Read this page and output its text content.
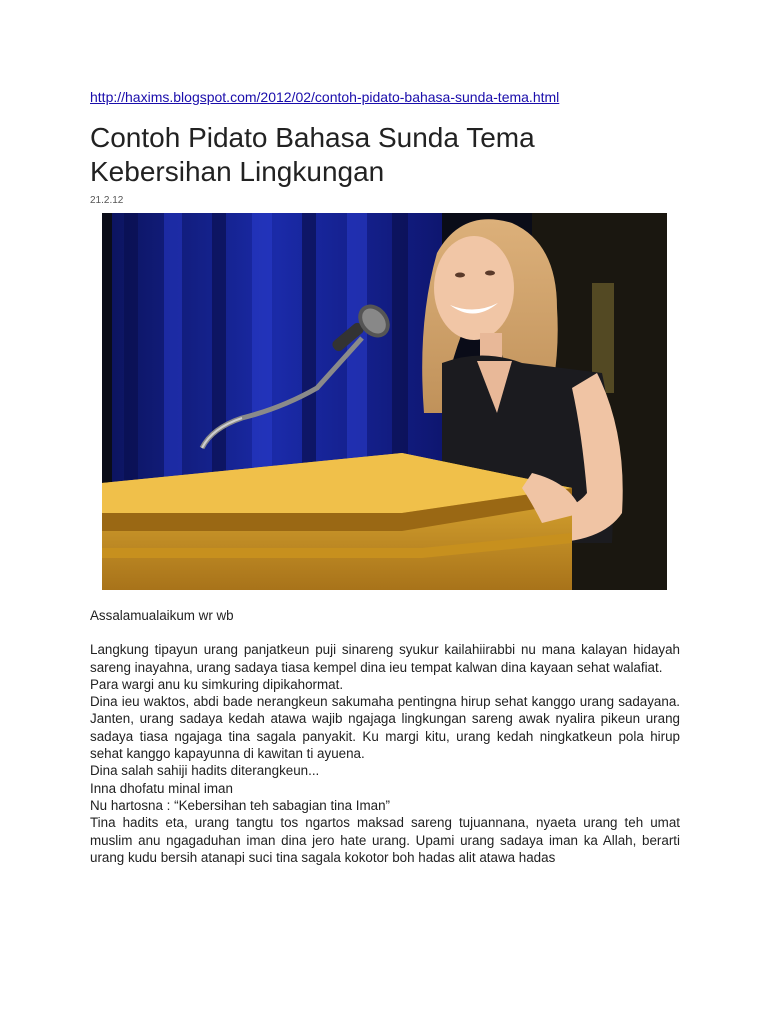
http://haxims.blogspot.com/2012/02/contoh-pidato-bahasa-sunda-tema.html
Contoh Pidato Bahasa Sunda Tema Kebersihan Lingkungan
21.2.12

Assalamualaikum wr wb

Langkung tipayun urang panjatkeun puji sinareng syukur kailahiirabbi nu mana kalayan hidayah sareng inayahna, urang sadaya tiasa kempel dina ieu tempat kalwan dina kayaan sehat walafiat.

Para wargi anu ku simkuring dipikahormat.

Dina ieu waktos, abdi bade nerangkeun sakumaha pentingna hirup sehat kanggo urang sadayana. Janten, urang sadaya kedah atawa wajib ngajaga lingkungan sareng awak nyalira pikeun urang sadaya tiasa ngajaga tina sagala panyakit. Ku margi kitu, urang kedah ningkatkeun pola hirup sehat kanggo kapayunna di kawitan ti ayuena.

Dina salah sahiji hadits diterangkeun...

Inna dhofatu minal iman

Nu hartosna : “Kebersihan teh sabagian tina Iman”

Tina hadits eta, urang tangtu tos ngartos maksad sareng tujuannana, nyaeta urang teh umat muslim anu ngagaduhan iman dina jero hate urang. Upami urang sadaya iman ka Allah, berarti urang kudu bersih atanapi suci tina sagala kokotor boh hadas alit atawa hadas
